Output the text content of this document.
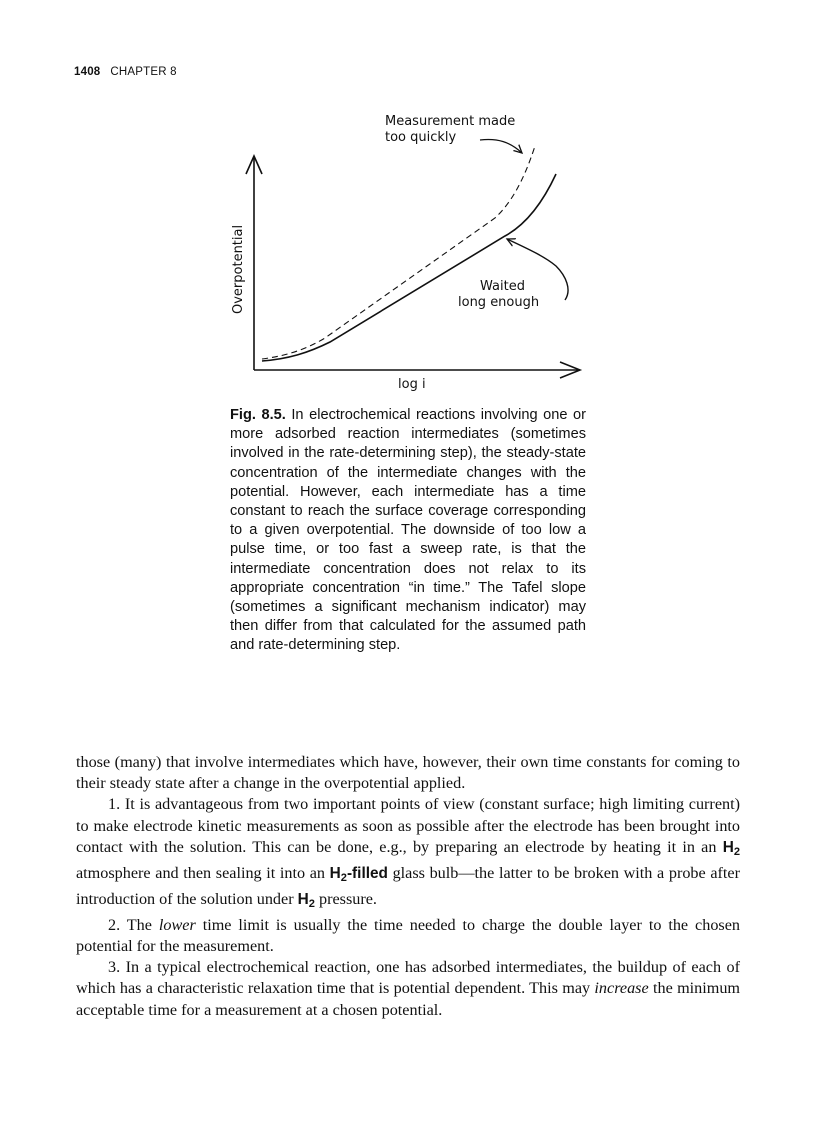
1408 CHAPTER 8
Measurement made
too quickly
Waited
long enough
Overpotential
log i
Fig. 8.5. In electrochemical reactions involving one or more adsorbed reaction intermediates (sometimes involved in the rate-determining step), the steady-state concentration of the intermediate changes with the potential. However, each intermediate has a time constant to reach the surface coverage corresponding to a given overpotential. The downside of too low a pulse time, or too fast a sweep rate, is that the intermediate concentration does not relax to its appropriate concentration “in time.” The Tafel slope (sometimes a significant mechanism indicator) may then differ from that calculated for the assumed path and rate-determining step.

those (many) that involve intermediates which have, however, their own time constants for coming to their steady state after a change in the overpotential applied.

1. It is advantageous from two important points of view (constant surface; high limiting current) to make electrode kinetic measurements as soon as possible after the electrode has been brought into contact with the solution. This can be done, e.g., by preparing an electrode by heating it in an $H_2$ atmosphere and then sealing it into an $H_2$-filled glass bulb—the latter to be broken with a probe after introduction of the solution under $H_2$ pressure.

2. The lower time limit is usually the time needed to charge the double layer to the chosen potential for the measurement.

3. In a typical electrochemical reaction, one has adsorbed intermediates, the buildup of each of which has a characteristic relaxation time that is potential dependent. This may increase the minimum acceptable time for a measurement at a chosen potential.
